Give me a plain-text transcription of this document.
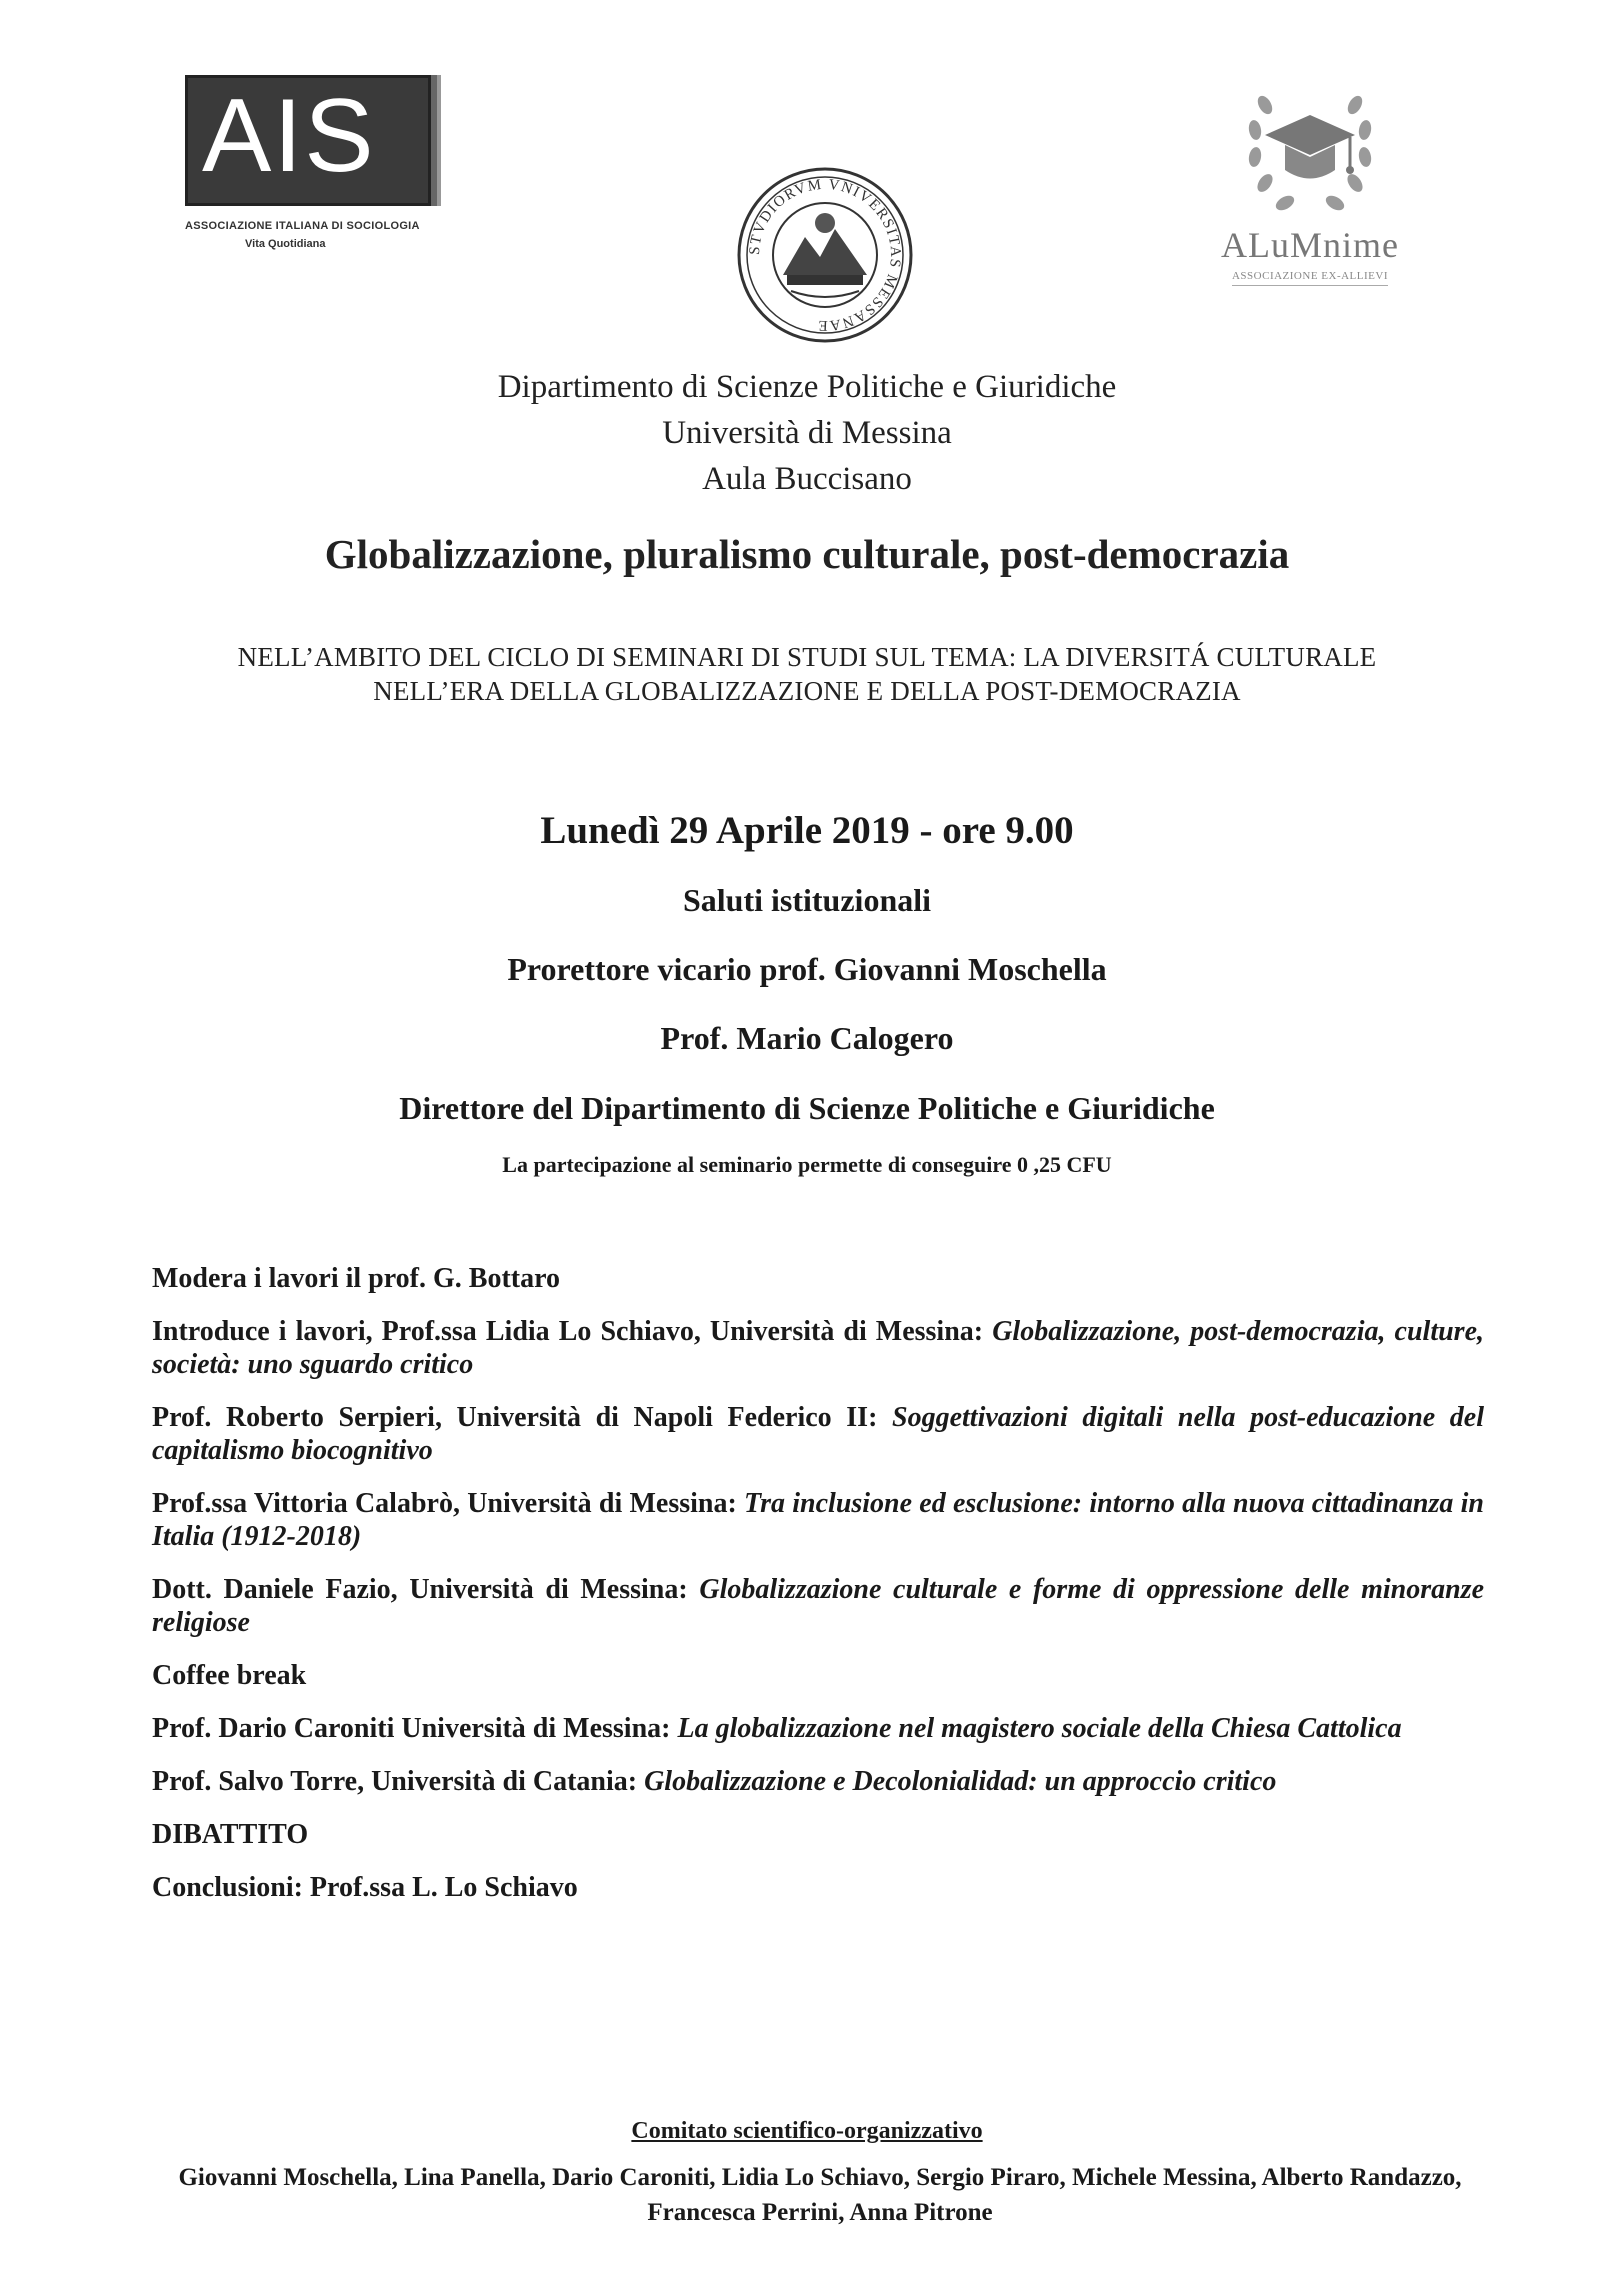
AIS
ASSOCIAZIONE ITALIANA DI SOCIOLOGIA
Vita Quotidiana	STVDIORVM VNIVERSITAS MESSANAE
ALuMnime
ASSOCIAZIONE EX-ALLIEVI
Dipartimento di Scienze Politiche e Giuridiche
Università di Messina
Aula Buccisano
Globalizzazione, pluralismo culturale, post-democrazia
NELL’AMBITO DEL CICLO DI SEMINARI DI STUDI SUL TEMA: LA DIVERSITÁ CULTURALE
NELL’ERA DELLA GLOBALIZZAZIONE E DELLA POST-DEMOCRAZIA
Lunedì 29 Aprile 2019 - ore 9.00
Saluti istituzionali
Prorettore vicario prof. Giovanni Moschella
Prof. Mario Calogero
Direttore del Dipartimento di Scienze Politiche e Giuridiche
La partecipazione al seminario permette di conseguire 0 ,25 CFU
Modera i lavori il prof. G. Bottaro
Introduce i lavori, Prof.ssa Lidia Lo Schiavo, Università di Messina: Globalizzazione, post-democrazia, culture, società: uno sguardo critico
Prof. Roberto Serpieri, Università di Napoli Federico II: Soggettivazioni digitali nella post-educazione del capitalismo biocognitivo
Prof.ssa Vittoria Calabrò, Università di Messina: Tra inclusione ed esclusione: intorno alla nuova cittadinanza in Italia (1912-2018)
Dott. Daniele Fazio, Università di Messina: Globalizzazione culturale e forme di oppressione delle minoranze religiose
Coffee break
Prof. Dario Caroniti Università di Messina: La globalizzazione nel magistero sociale della Chiesa Cattolica
Prof. Salvo Torre, Università di Catania: Globalizzazione e Decolonialidad: un approccio critico
DIBATTITO
Conclusioni: Prof.ssa L. Lo Schiavo
Comitato scientifico-organizzativo
Giovanni Moschella, Lina Panella, Dario Caroniti, Lidia Lo Schiavo, Sergio Piraro, Michele Messina, Alberto Randazzo, Francesca Perrini, Anna Pitrone
